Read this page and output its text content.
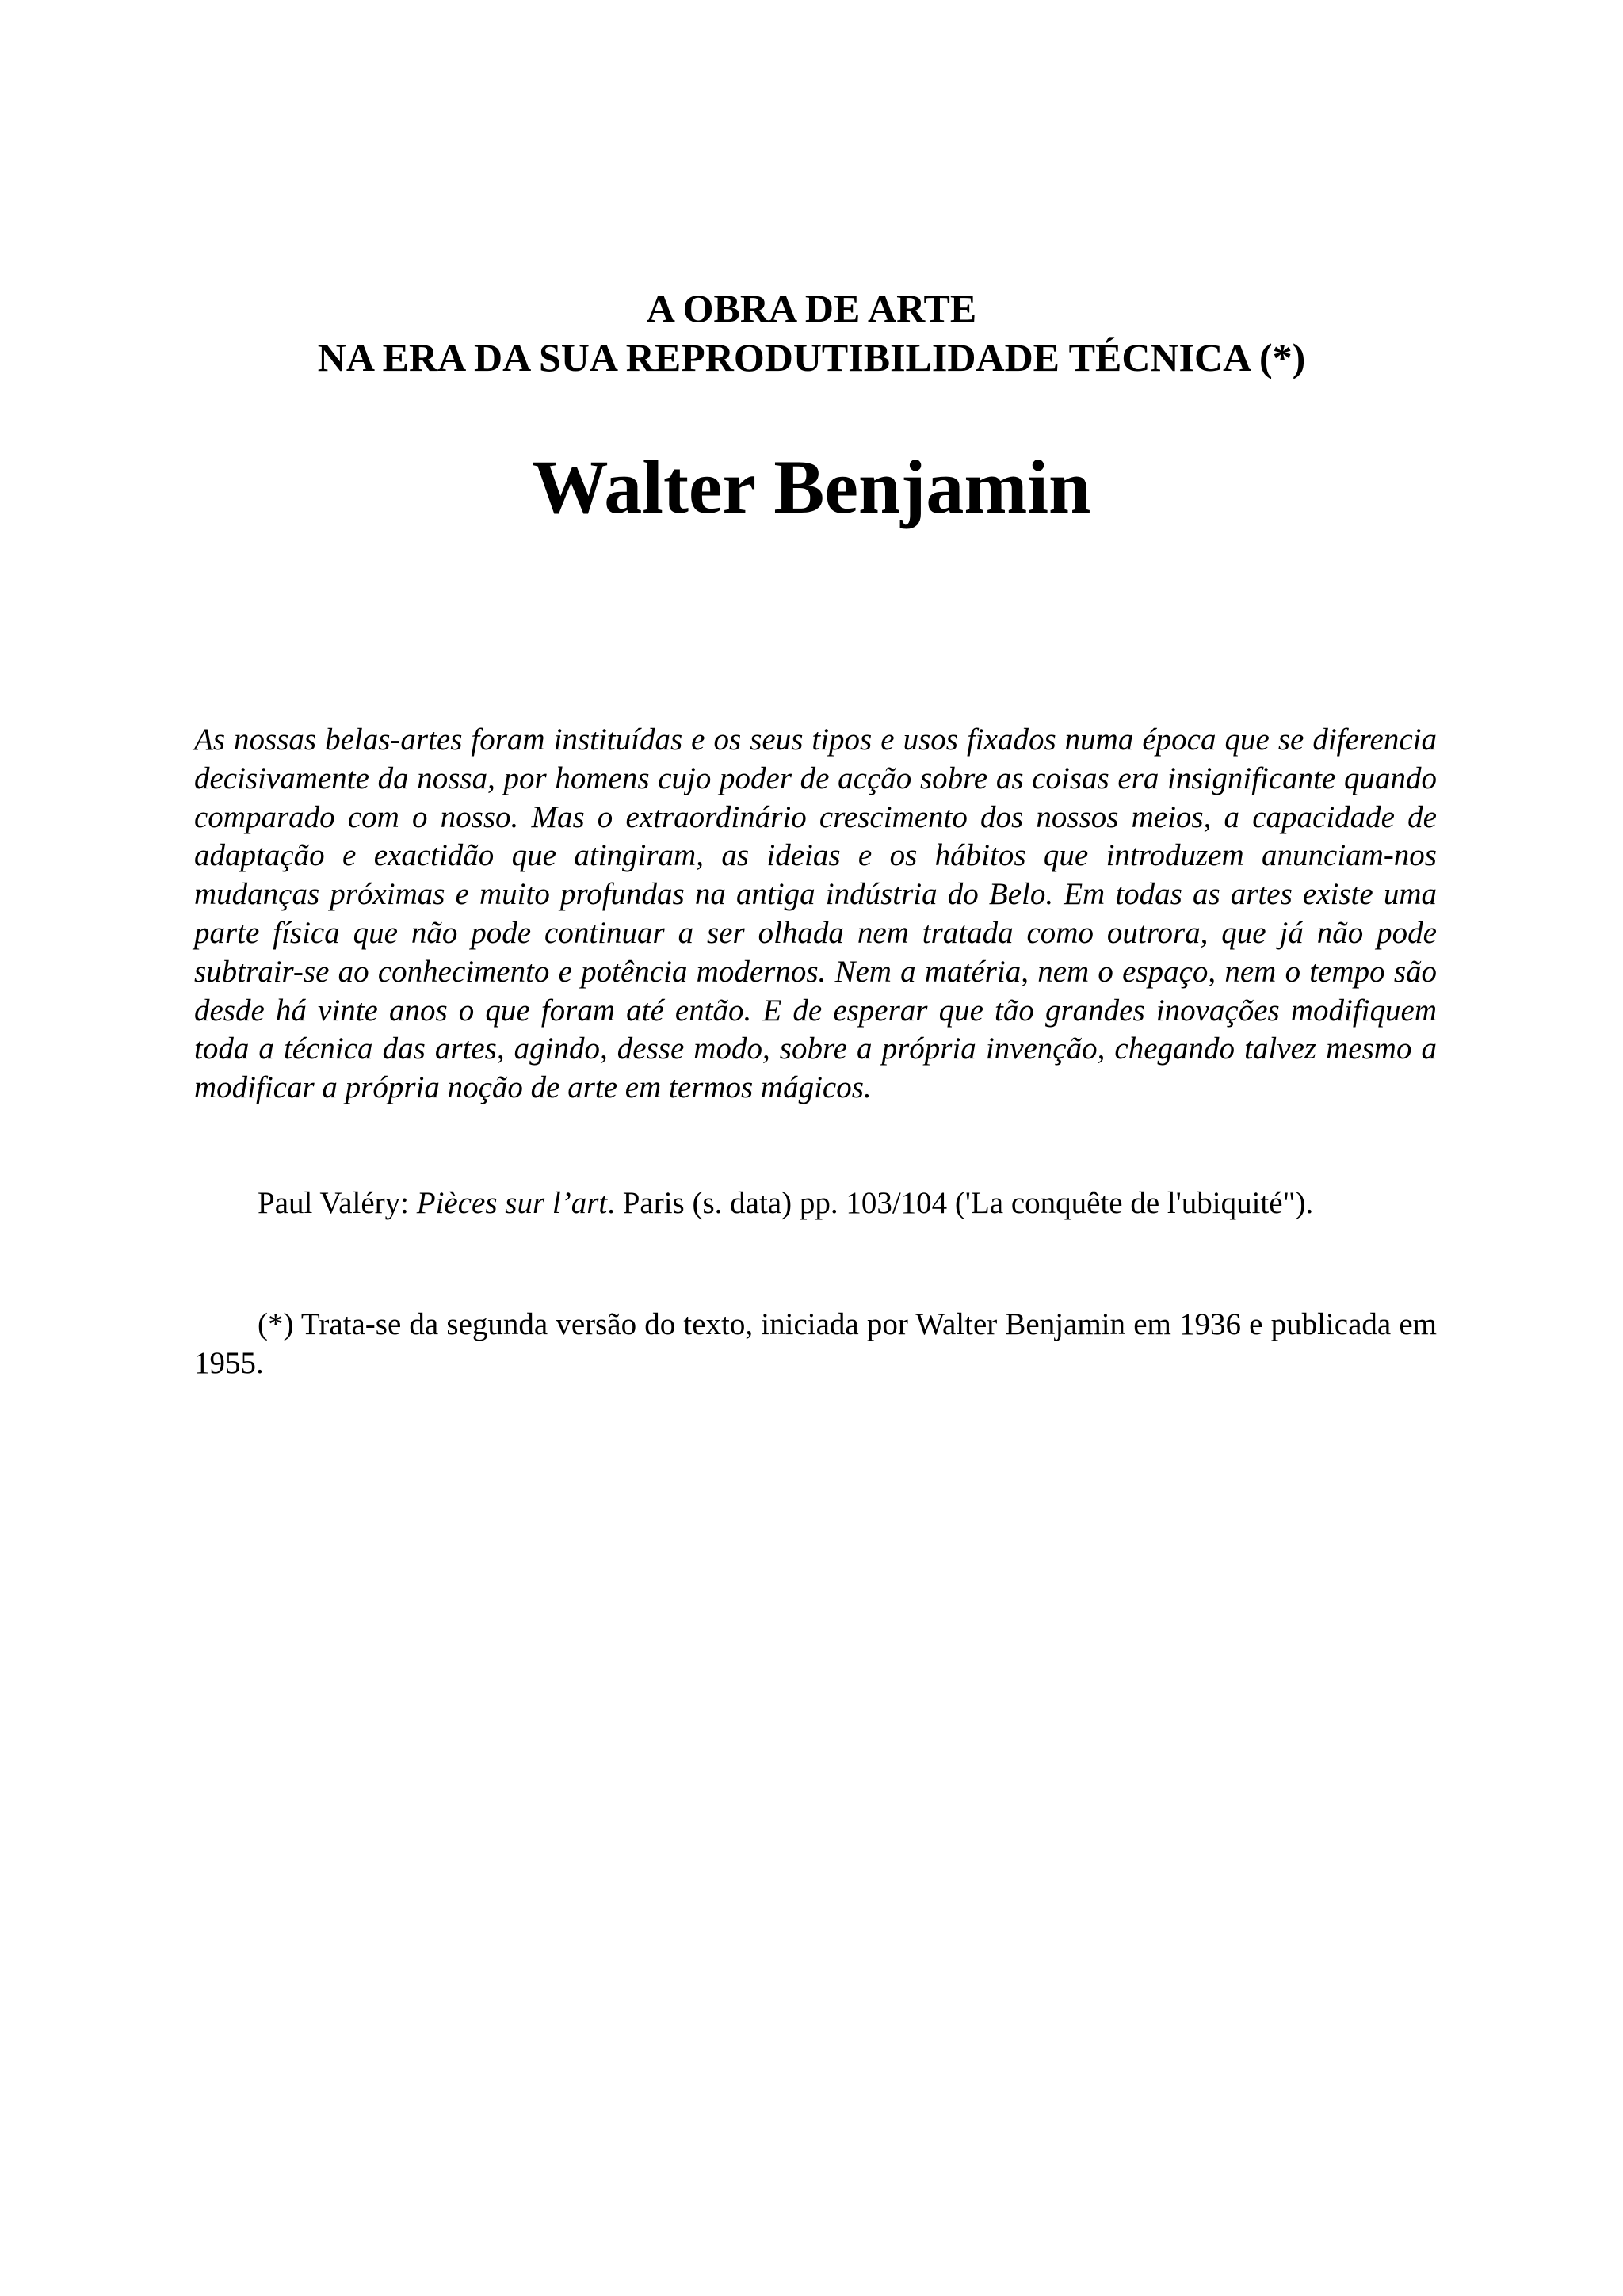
A OBRA DE ARTE
NA ERA DA SUA REPRODUTIBILIDADE TÉCNICA (*)
Walter Benjamin

As nossas belas-artes foram instituídas e os seus tipos e usos fixados numa época que se diferencia decisivamente da nossa, por homens cujo poder de acção sobre as coisas era insignificante quando comparado com o nosso. Mas o extraordinário crescimento dos nossos meios, a capacidade de adaptação e exactidão que atingiram, as ideias e os hábitos que introduzem anunciam-nos mudanças próximas e muito profundas na antiga indústria do Belo. Em todas as artes existe uma parte física que não pode continuar a ser olhada nem tratada como outrora, que já não pode subtrair-se ao conhecimento e potência modernos. Nem a matéria, nem o espaço, nem o tempo são desde há vinte anos o que foram até então. E de esperar que tão grandes inovações modifiquem toda a técnica das artes, agindo, desse modo, sobre a própria invenção, chegando talvez mesmo a modificar a própria noção de arte em termos mágicos.

Paul Valéry: Pièces sur l’art. Paris (s. data) pp. 103/104 ('La conquête de l'ubiquité").
(*) Trata-se da segunda versão do texto, iniciada por Walter Benjamin em 1936 e publicada em 1955.
